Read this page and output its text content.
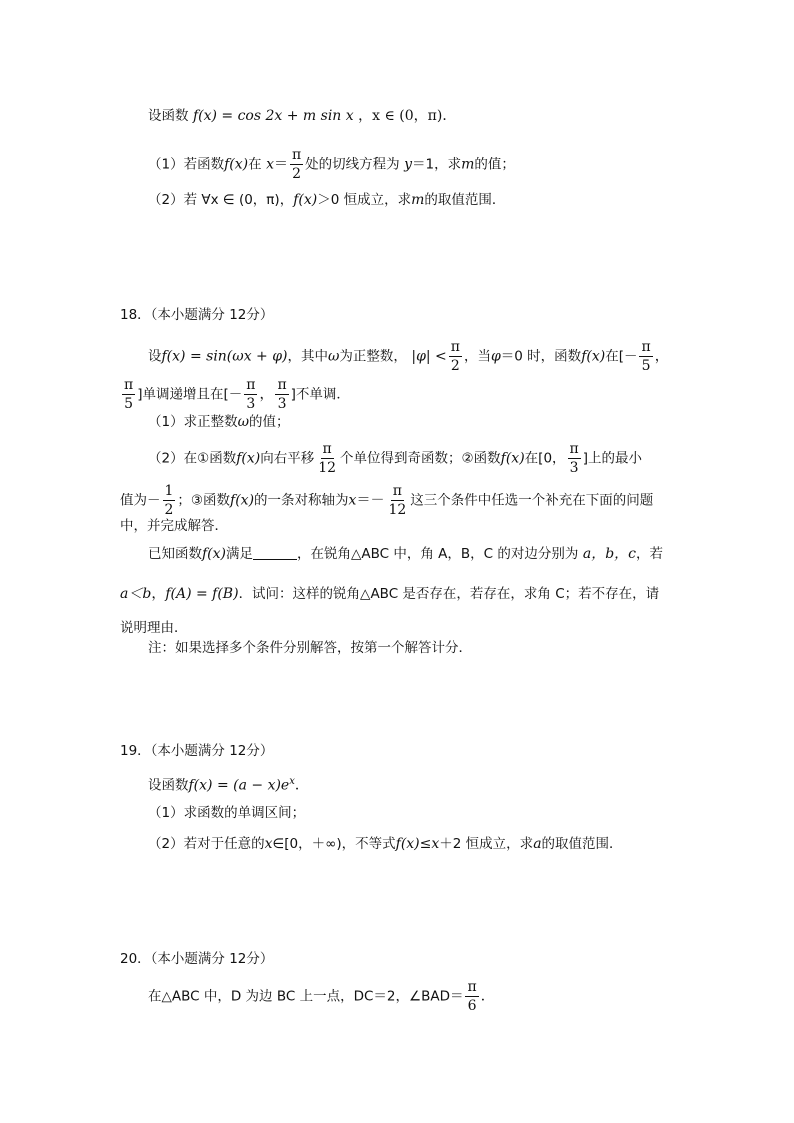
设函数 f(x) = cos 2x + m sin x ，x ∈ (0，π)．
（1）若函数f(x)在 $x= \frac{\pi}{2}$ 处的切线方程为 y＝1，求m的值；
（2）若 ∀x ∈ (0，π)，f(x)＞0 恒成立，求m的取值范围．
18．（本小题满分 12分）
设f(x) = sin(ωx + φ)，其中ω为正整数， $|\varphi| < \frac{\pi}{2}$ ，当φ＝0 时，函数f(x)在[－ $\frac{\pi}{5}$ ，
$\frac{\pi}{5}$ ]单调递增且在[－ $\frac{\pi}{3}$ ， $\frac{\pi}{3}$ ]不单调．
（1）求正整数ω的值；
（2）在①函数f(x)向右平移 $\frac{\pi}{12}$ 个单位得到奇函数；②函数f(x)在[0， $\frac{\pi}{3}$ ]上的最小
值为－ $\frac{1}{2}$ ；③函数f(x)的一条对称轴为$x=- \frac{\pi}{12}$ 这三个条件中任选一个补充在下面的问题
中，并完成解答．
已知函数f(x)满足	，在锐角△ABC 中，角 A，B，C 的对边分别为 a，b，c，若
a＜b，f(A) = f(B)．试问：这样的锐角△ABC 是否存在，若存在，求角 C；若不存在，请
说明理由．
注：如果选择多个条件分别解答，按第一个解答计分．
19．（本小题满分 12分）
设函数$f(x) = (a - x)e^x$．
（1）求函数的单调区间；
（2）若对于任意的x∈[0，＋∞)，不等式f(x)≤x＋2 恒成立，求a的取值范围．
20．（本小题满分 12分）
在△ABC 中，D 为边 BC 上一点，DC＝2，∠BAD＝ $\frac{\pi}{6}$ ．
